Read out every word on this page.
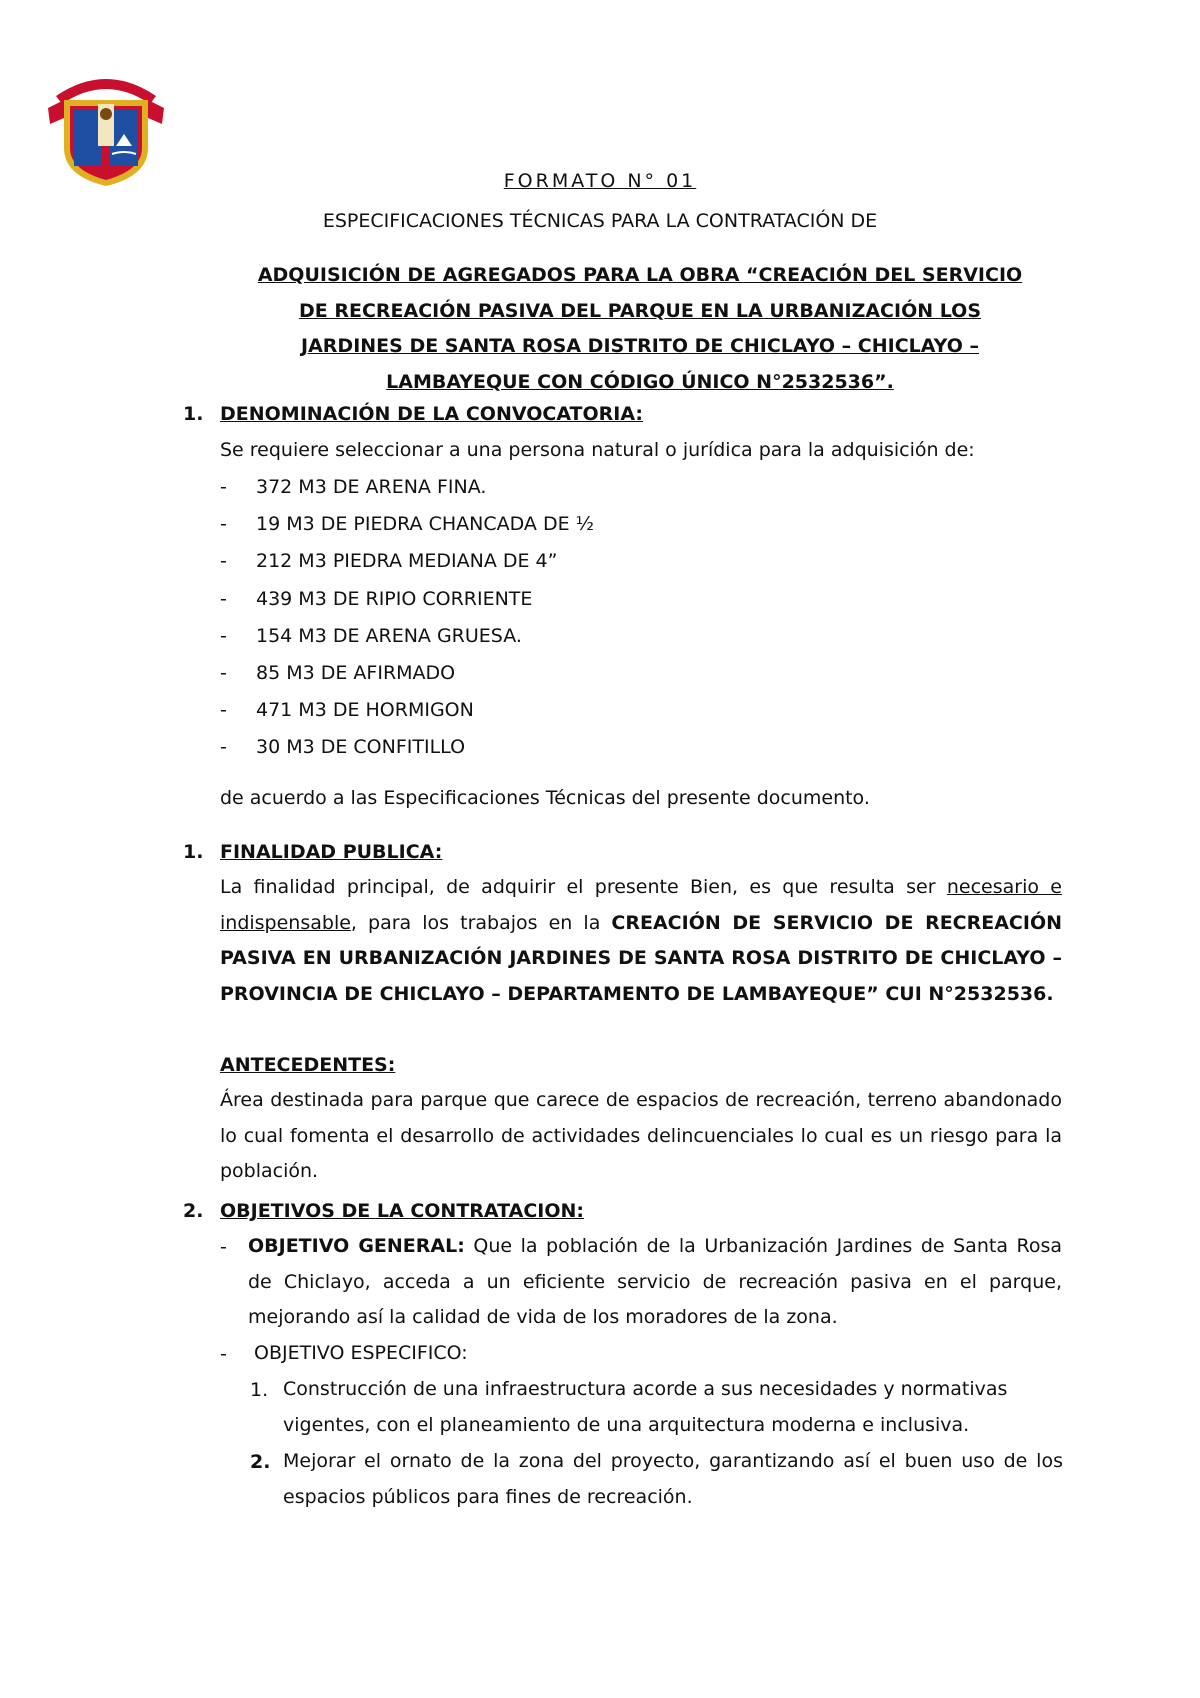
FORMATO N° 01
ESPECIFICACIONES TÉCNICAS PARA LA CONTRATACIÓN DE
ADQUISICIÓN DE AGREGADOS PARA LA OBRA “CREACIÓN DEL SERVICIO
DE RECREACIÓN PASIVA DEL PARQUE EN LA URBANIZACIÓN LOS
JARDINES DE SANTA ROSA DISTRITO DE CHICLAYO – CHICLAYO –
LAMBAYEQUE CON CÓDIGO ÚNICO N°2532536”.
1. DENOMINACIÓN DE LA CONVOCATORIA:
Se requiere seleccionar a una persona natural o jurídica para la adquisición de:
- 372 M3 DE ARENA FINA.
- 19 M3 DE PIEDRA CHANCADA DE ½
- 212 M3 PIEDRA MEDIANA DE 4”
- 439 M3 DE RIPIO CORRIENTE
- 154 M3 DE ARENA GRUESA.
- 85 M3 DE AFIRMADO
- 471 M3 DE HORMIGON
- 30 M3 DE CONFITILLO
de acuerdo a las Especificaciones Técnicas del presente documento.
1. FINALIDAD PUBLICA:
La finalidad principal, de adquirir el presente Bien, es que resulta ser necesario e indispensable, para los trabajos en la CREACIÓN DE SERVICIO DE RECREACIÓN PASIVA EN URBANIZACIÓN JARDINES DE SANTA ROSA DISTRITO DE CHICLAYO – PROVINCIA DE CHICLAYO – DEPARTAMENTO DE LAMBAYEQUE” CUI N°2532536.
ANTECEDENTES:
Área destinada para parque que carece de espacios de recreación, terreno abandonado lo cual fomenta el desarrollo de actividades delincuenciales lo cual es un riesgo para la población.
2. OBJETIVOS DE LA CONTRATACION:
- OBJETIVO GENERAL: Que la población de la Urbanización Jardines de Santa Rosa de Chiclayo, acceda a un eficiente servicio de recreación pasiva en el parque, mejorando así la calidad de vida de los moradores de la zona.
- OBJETIVO ESPECIFICO:
1. Construcción de una infraestructura acorde a sus necesidades y normativas vigentes, con el planeamiento de una arquitectura moderna e inclusiva.
2. Mejorar el ornato de la zona del proyecto, garantizando así el buen uso de los espacios públicos para fines de recreación.
